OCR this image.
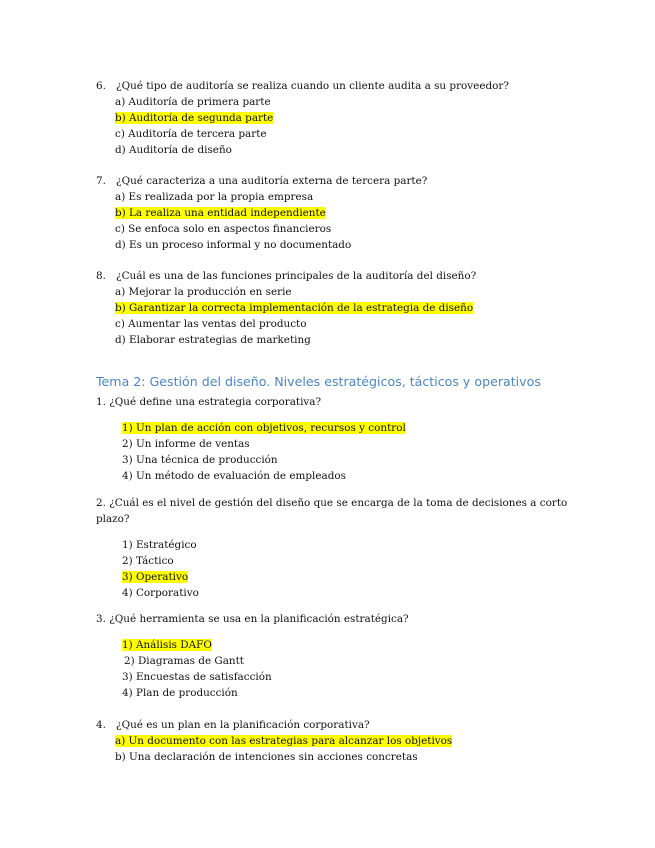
6. ¿Qué tipo de auditoría se realiza cuando un cliente audita a su proveedor?
a) Auditoría de primera parte
b) Auditoría de segunda parte
c) Auditoría de tercera parte
d) Auditoría de diseño
7. ¿Qué caracteriza a una auditoría externa de tercera parte?
a) Es realizada por la propia empresa
b) La realiza una entidad independiente
c) Se enfoca solo en aspectos financieros
d) Es un proceso informal y no documentado
8. ¿Cuál es una de las funciones principales de la auditoría del diseño?
a) Mejorar la producción en serie
b) Garantizar la correcta implementación de la estrategia de diseño
c) Aumentar las ventas del producto
d) Elaborar estrategias de marketing
Tema 2: Gestión del diseño. Niveles estratégicos, tácticos y operativos
1. ¿Qué define una estrategia corporativa?
1) Un plan de acción con objetivos, recursos y control
2) Un informe de ventas
3) Una técnica de producción
4) Un método de evaluación de empleados
2. ¿Cuál es el nivel de gestión del diseño que se encarga de la toma de decisiones a corto
plazo?
1) Estratégico
2) Táctico
3) Operativo
4) Corporativo
3. ¿Qué herramienta se usa en la planificación estratégica?
1) Análisis DAFO
2) Diagramas de Gantt
3) Encuestas de satisfacción
4) Plan de producción
4. ¿Qué es un plan en la planificación corporativa?
a) Un documento con las estrategias para alcanzar los objetivos
b) Una declaración de intenciones sin acciones concretas
